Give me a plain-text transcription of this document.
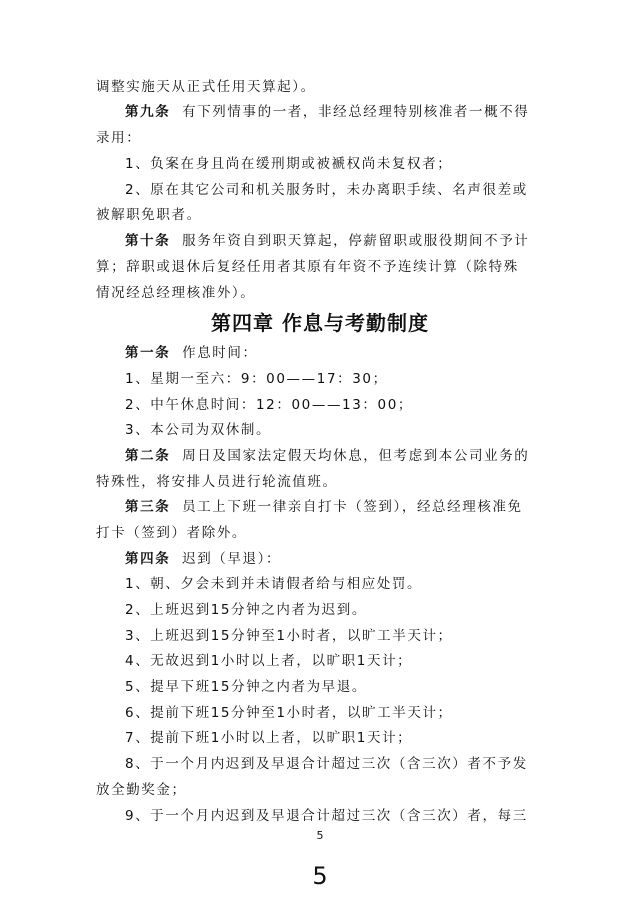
调整实施天从正式任用天算起）。
第九条 有下列情事的一者，非经总经理特别核准者一概不得
录用：
1、负案在身且尚在缓刑期或被褫权尚未复权者；
2、原在其它公司和机关服务时，未办离职手续、名声很差或
被解职免职者。
第十条 服务年资自到职天算起，停薪留职或服役期间不予计
算；辞职或退休后复经任用者其原有年资不予连续计算（除特殊
情况经总经理核准外）。
第四章 作息与考勤制度
第一条 作息时间：
1、星期一至六：9：00——17：30；
2、中午休息时间：12：00——13：00；
3、本公司为双休制。
第二条 周日及国家法定假天均休息，但考虑到本公司业务的
特殊性，将安排人员进行轮流值班。
第三条 员工上下班一律亲自打卡（签到），经总经理核准免
打卡（签到）者除外。
第四条 迟到（早退）：
1、朝、夕会未到并未请假者给与相应处罚。
2、上班迟到15分钟之内者为迟到。
3、上班迟到15分钟至1小时者，以旷工半天计；
4、无故迟到1小时以上者，以旷职1天计；
5、提早下班15分钟之内者为早退。
6、提前下班15分钟至1小时者，以旷工半天计；
7、提前下班1小时以上者，以旷职1天计；
8、于一个月内迟到及早退合计超过三次（含三次）者不予发
放全勤奖金；
9、于一个月内迟到及早退合计超过三次（含三次）者，每三
5
5
